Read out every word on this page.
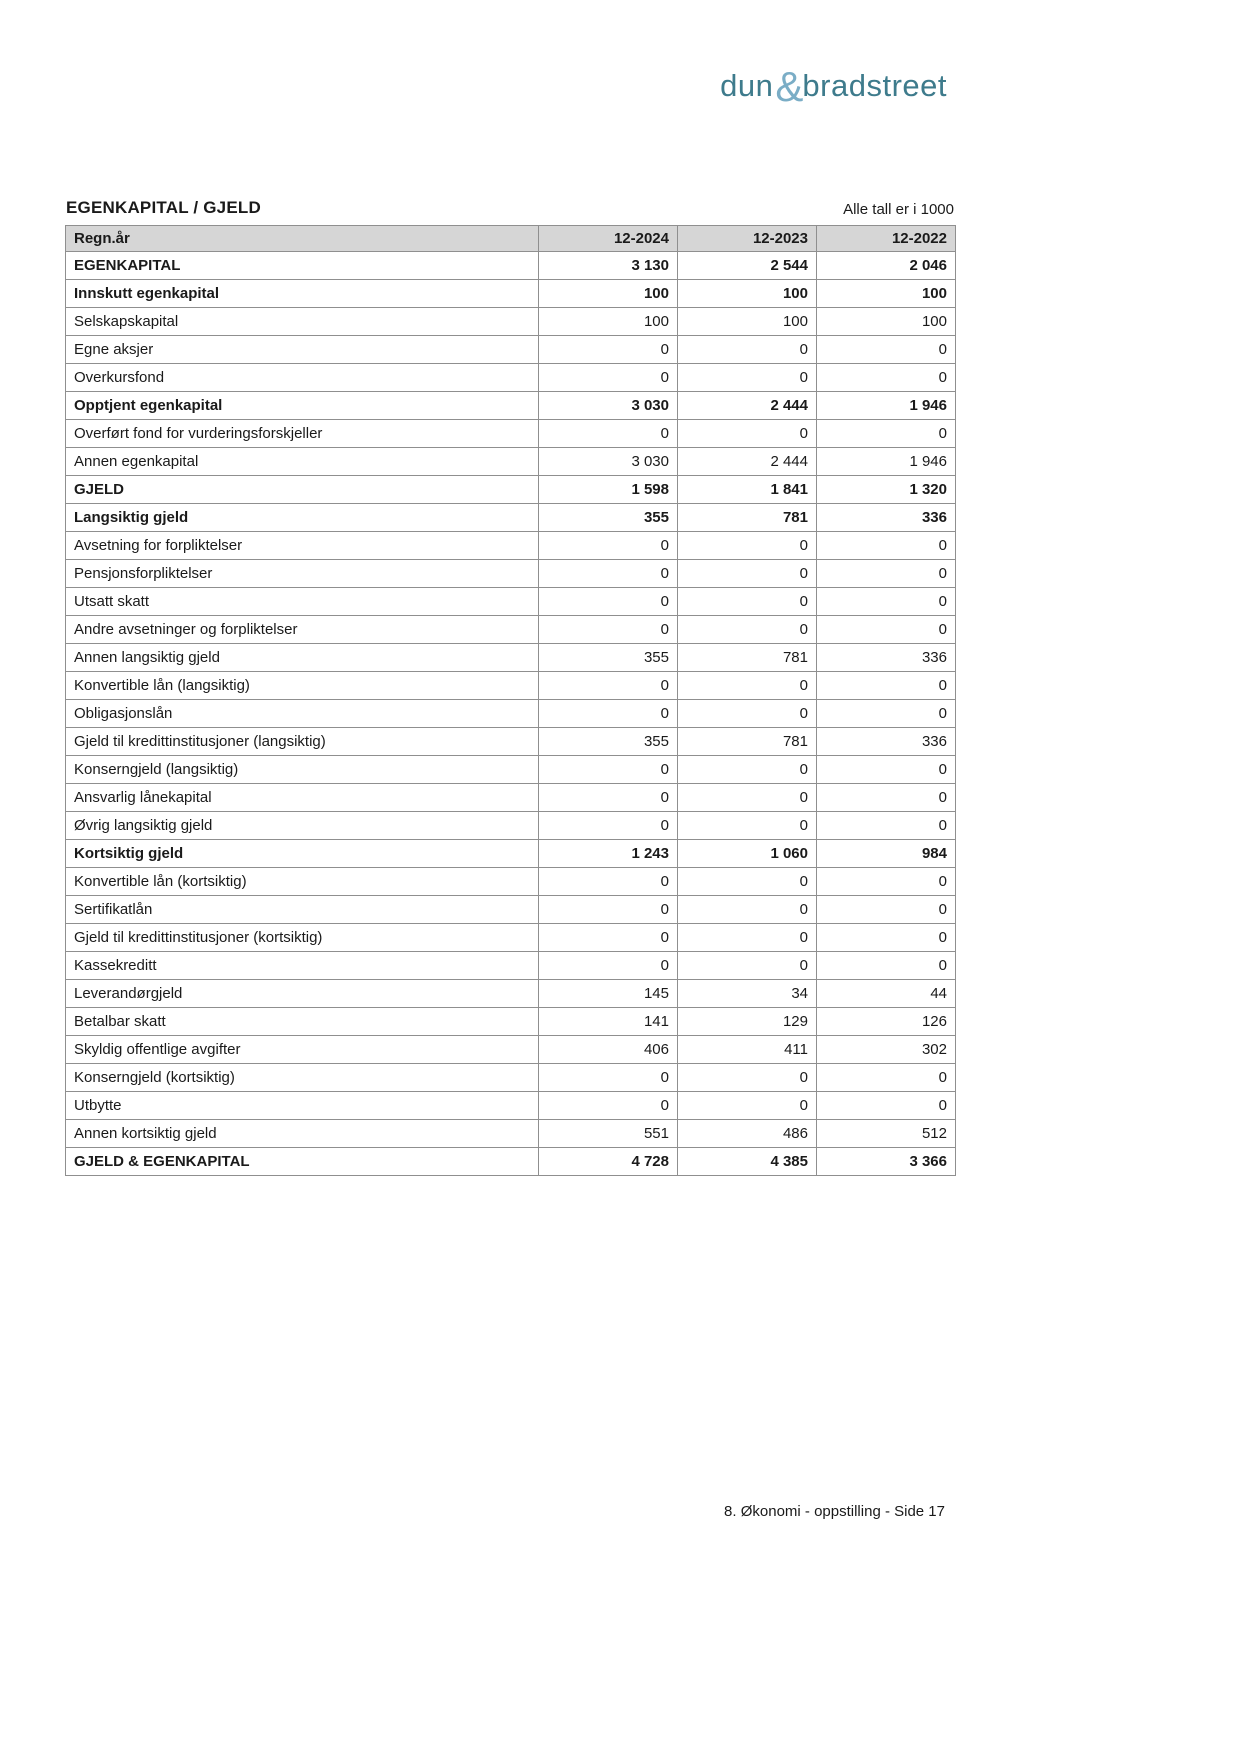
dun&bradstreet
EGENKAPITAL / GJELD	Alle tall er i 1000
Regn.år	12-2024	12-2023	12-2022
EGENKAPITAL	3 130	2 544	2 046
Innskutt egenkapital	100	100	100
Selskapskapital	100	100	100
Egne aksjer	0	0	0
Overkursfond	0	0	0
Opptjent egenkapital	3 030	2 444	1 946
Overført fond for vurderingsforskjeller	0	0	0
Annen egenkapital	3 030	2 444	1 946
GJELD	1 598	1 841	1 320
Langsiktig gjeld	355	781	336
Avsetning for forpliktelser	0	0	0
Pensjonsforpliktelser	0	0	0
Utsatt skatt	0	0	0
Andre avsetninger og forpliktelser	0	0	0
Annen langsiktig gjeld	355	781	336
Konvertible lån (langsiktig)	0	0	0
Obligasjonslån	0	0	0
Gjeld til kredittinstitusjoner (langsiktig)	355	781	336
Konserngjeld (langsiktig)	0	0	0
Ansvarlig lånekapital	0	0	0
Øvrig langsiktig gjeld	0	0	0
Kortsiktig gjeld	1 243	1 060	984
Konvertible lån (kortsiktig)	0	0	0
Sertifikatlån	0	0	0
Gjeld til kredittinstitusjoner (kortsiktig)	0	0	0
Kassekreditt	0	0	0
Leverandørgjeld	145	34	44
Betalbar skatt	141	129	126
Skyldig offentlige avgifter	406	411	302
Konserngjeld (kortsiktig)	0	0	0
Utbytte	0	0	0
Annen kortsiktig gjeld	551	486	512
GJELD & EGENKAPITAL	4 728	4 385	3 366
8. Økonomi - oppstilling - Side 17
